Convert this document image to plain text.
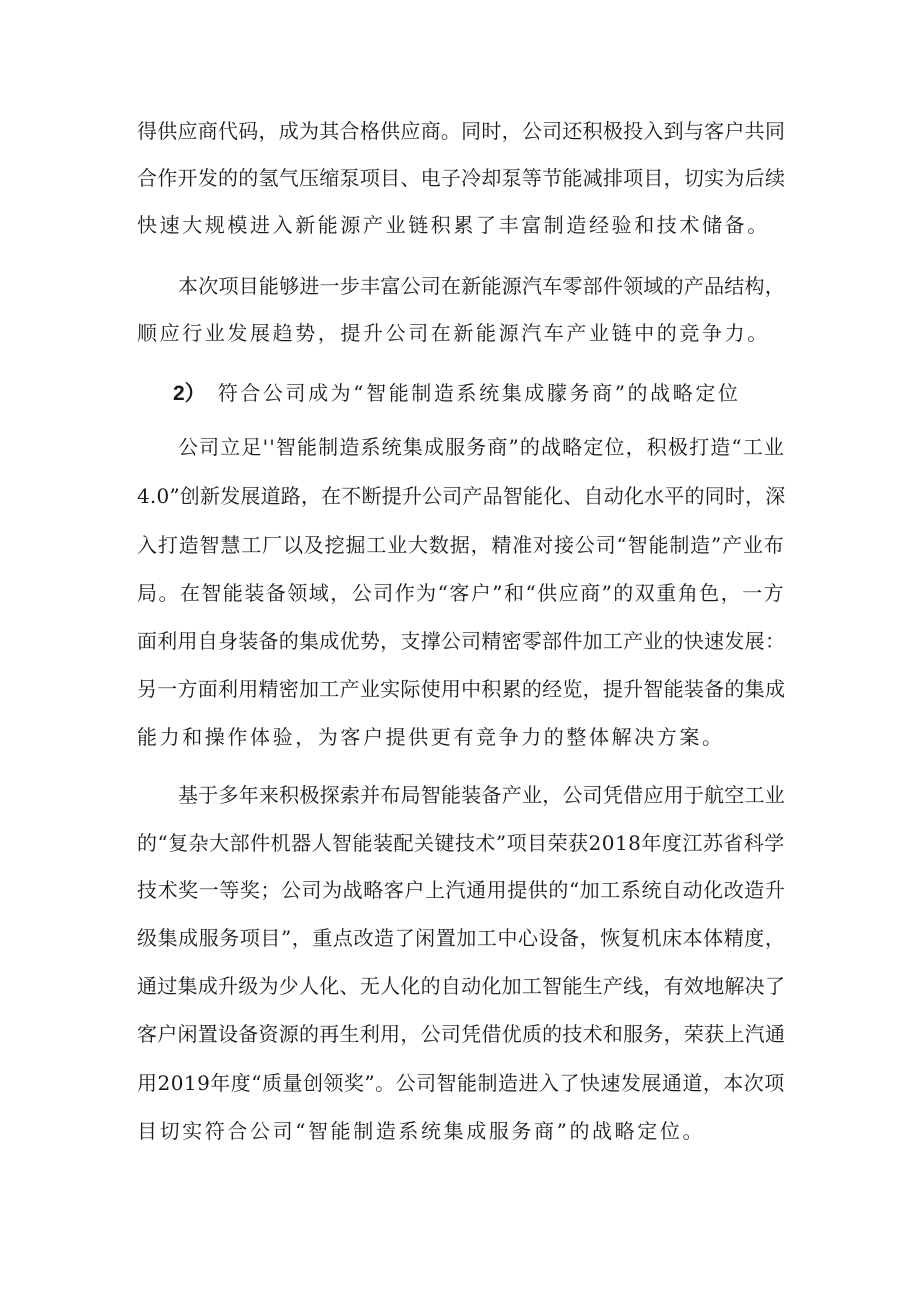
得供应商代码，成为其合格供应商。同时，公司还积极投入到与客户共同
合作开发的的氢气压缩泵项目、电子冷却泵等节能减排项目，切实为后续
快速大规模进入新能源产业链积累了丰富制造经验和技术储备。
本次项目能够进一步丰富公司在新能源汽车零部件领域的产品结构，
顺应行业发展趋势，提升公司在新能源汽车产业链中的竞争力。
2） 符合公司成为“智能制造系统集成朦务商”的战略定位
公司立足''智能制造系统集成服务商”的战略定位，积极打造“工业
4.0”创新发展道路，在不断提升公司产品智能化、自动化水平的同时，深
入打造智慧工厂以及挖掘工业大数据，精准对接公司“智能制造”产业布
局。在智能装备领域，公司作为“客户”和“供应商”的双重角色，一方
面利用自身装备的集成优势，支撑公司精密零部件加工产业的快速发展：
另一方面利用精密加工产业实际使用中积累的经览，提升智能装备的集成
能力和操作体验，为客户提供更有竞争力的整体解决方案。
基于多年来积极探索并布局智能装备产业，公司凭借应用于航空工业
的“复杂大部件机器人智能装配关键技术”项目荣获2018年度江苏省科学
技术奖一等奖；公司为战略客户上汽通用提供的“加工系统自动化改造升
级集成服务项目”，重点改造了闲置加工中心设备，恢复机床本体精度，
通过集成升级为少人化、无人化的自动化加工智能生产线，有效地解决了
客户闲置设备资源的再生利用，公司凭借优质的技术和服务，荣获上汽通
用2019年度“质量创领奖”。公司智能制造进入了快速发展通道，本次项
目切实符合公司“智能制造系统集成服务商”的战略定位。
